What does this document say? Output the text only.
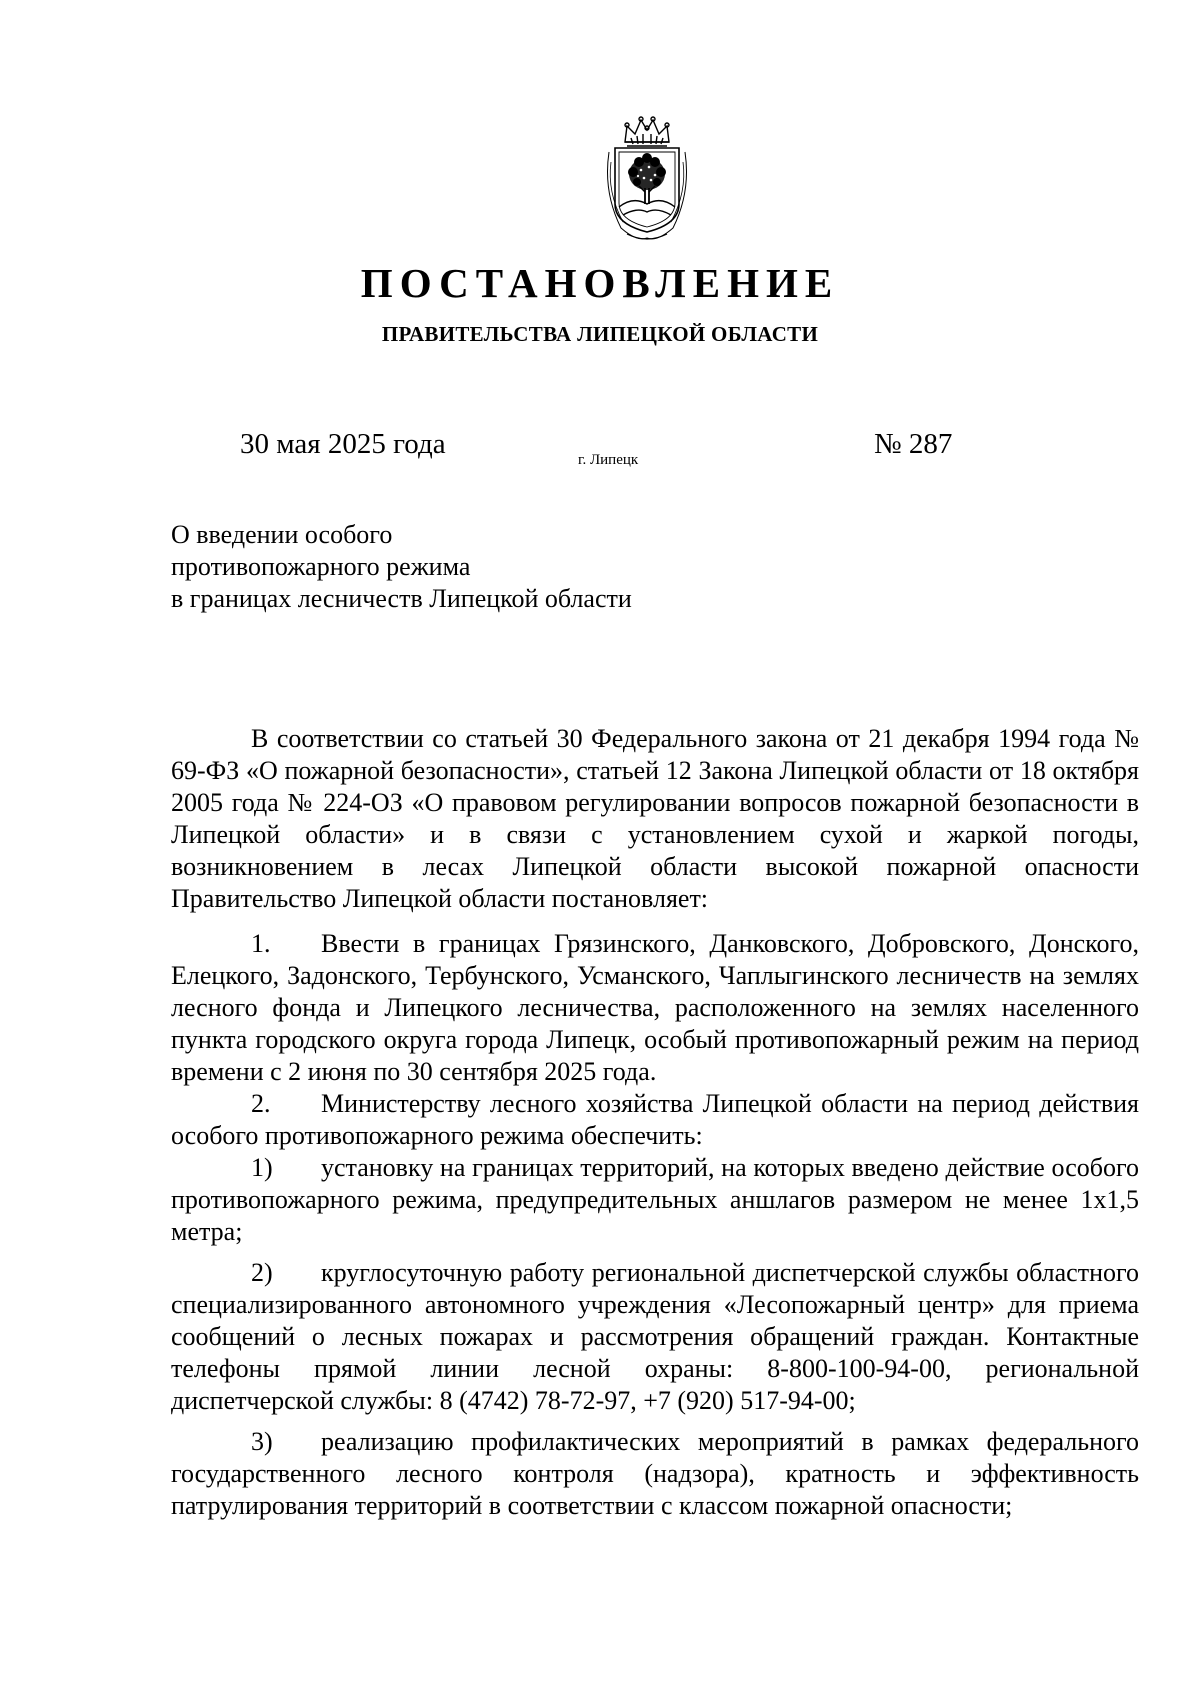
ПОСТАНОВЛЕНИЕ
ПРАВИТЕЛЬСТВА ЛИПЕЦКОЙ ОБЛАСТИ
30 мая 2025 года	г. Липецк	№ 287
О введении особого
противопожарного режима
в границах лесничеств Липецкой области

В соответствии со статьей 30 Федерального закона от 21 декабря 1994 года № 69-ФЗ «О пожарной безопасности», статьей 12 Закона Липецкой области от 18 октября 2005 года № 224-ОЗ «О правовом регулировании вопросов пожарной безопасности в Липецкой области» и в связи с установлением сухой и жаркой погоды, возникновением в лесах Липецкой области высокой пожарной опасности Правительство Липецкой области постановляет:

1. Ввести в границах Грязинского, Данковского, Добровского, Донского, Елецкого, Задонского, Тербунского, Усманского, Чаплыгинского лесничеств на землях лесного фонда и Липецкого лесничества, расположенного на землях населенного пункта городского округа города Липецк, особый противопожарный режим на период времени с 2 июня по 30 сентября 2025 года.

2. Министерству лесного хозяйства Липецкой области на период действия особого противопожарного режима обеспечить:

1) установку на границах территорий, на которых введено действие особого противопожарного режима, предупредительных аншлагов размером не менее 1х1,5 метра;

2) круглосуточную работу региональной диспетчерской службы областного специализированного автономного учреждения «Лесопожарный центр» для приема сообщений о лесных пожарах и рассмотрения обращений граждан. Контактные телефоны прямой линии лесной охраны: 8-800-100-94-00, региональной диспетчерской службы: 8 (4742) 78-72-97, +7 (920) 517-94-00;

3) реализацию профилактических мероприятий в рамках федерального государственного лесного контроля (надзора), кратность и эффективность патрулирования территорий в соответствии с классом пожарной опасности;
